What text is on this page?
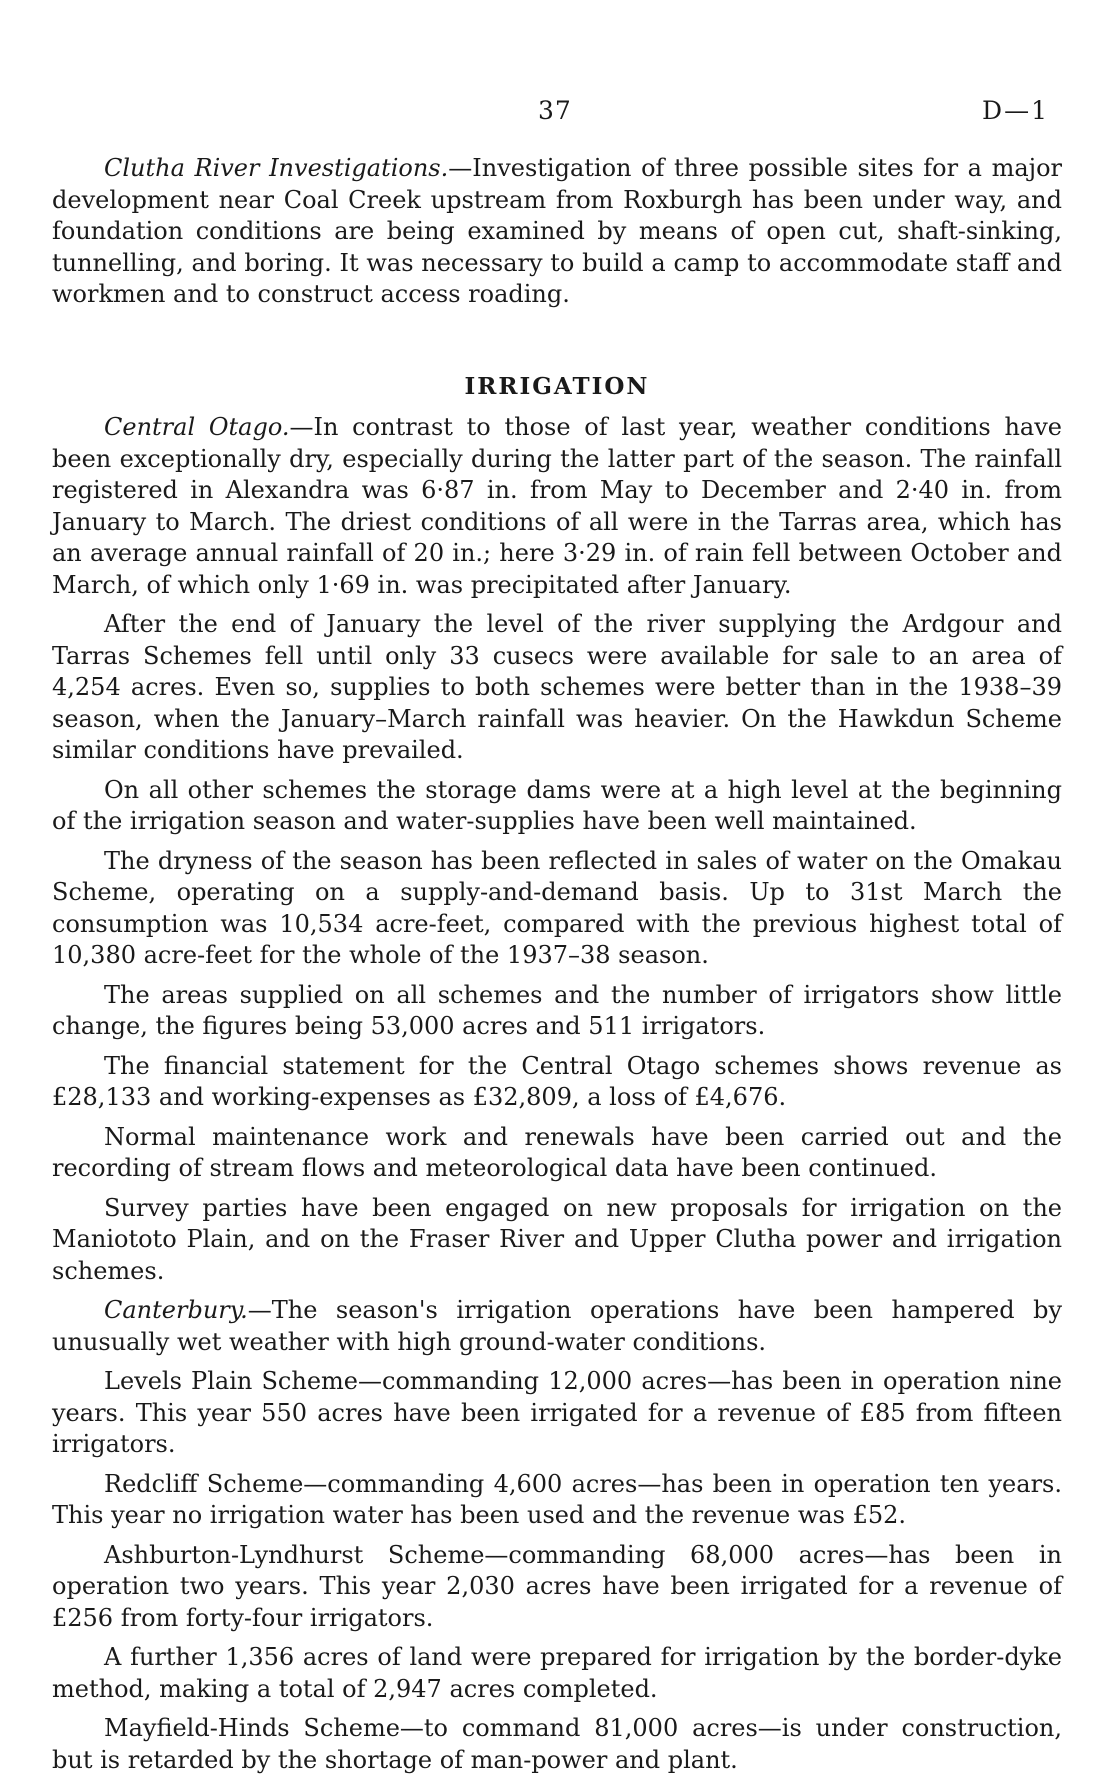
37	D—1

Clutha River Investigations.—Investigation of three possible sites for a major development near Coal Creek upstream from Roxburgh has been under way, and foundation conditions are being examined by means of open cut, shaft-sinking, tunnelling, and boring. It was necessary to build a camp to accommodate staff and workmen and to construct access roading.

IRRIGATION

Central Otago.—In contrast to those of last year, weather conditions have been exceptionally dry, especially during the latter part of the season. The rainfall registered in Alexandra was 6·87 in. from May to December and 2·40 in. from January to March. The driest conditions of all were in the Tarras area, which has an average annual rainfall of 20 in.; here 3·29 in. of rain fell between October and March, of which only 1·69 in. was precipitated after January.

After the end of January the level of the river supplying the Ardgour and Tarras Schemes fell until only 33 cusecs were available for sale to an area of 4,254 acres. Even so, supplies to both schemes were better than in the 1938–39 season, when the January–March rainfall was heavier. On the Hawkdun Scheme similar conditions have prevailed.

On all other schemes the storage dams were at a high level at the beginning of the irrigation season and water-supplies have been well maintained.

The dryness of the season has been reflected in sales of water on the Omakau Scheme, operating on a supply-and-demand basis. Up to 31st March the consumption was 10,534 acre-feet, compared with the previous highest total of 10,380 acre-feet for the whole of the 1937–38 season.

The areas supplied on all schemes and the number of irrigators show little change, the figures being 53,000 acres and 511 irrigators.

The financial statement for the Central Otago schemes shows revenue as £28,133 and working-expenses as £32,809, a loss of £4,676.

Normal maintenance work and renewals have been carried out and the recording of stream flows and meteorological data have been continued.

Survey parties have been engaged on new proposals for irrigation on the Maniototo Plain, and on the Fraser River and Upper Clutha power and irrigation schemes.

Canterbury.—The season's irrigation operations have been hampered by unusually wet weather with high ground-water conditions.

Levels Plain Scheme—commanding 12,000 acres—has been in operation nine years. This year 550 acres have been irrigated for a revenue of £85 from fifteen irrigators.

Redcliff Scheme—commanding 4,600 acres—has been in operation ten years. This year no irrigation water has been used and the revenue was £52.

Ashburton-Lyndhurst Scheme—commanding 68,000 acres—has been in operation two years. This year 2,030 acres have been irrigated for a revenue of £256 from forty-four irrigators.

A further 1,356 acres of land were prepared for irrigation by the border-dyke method, making a total of 2,947 acres completed.

Mayfield-Hinds Scheme—to command 81,000 acres—is under construction, but is retarded by the shortage of man-power and plant.
